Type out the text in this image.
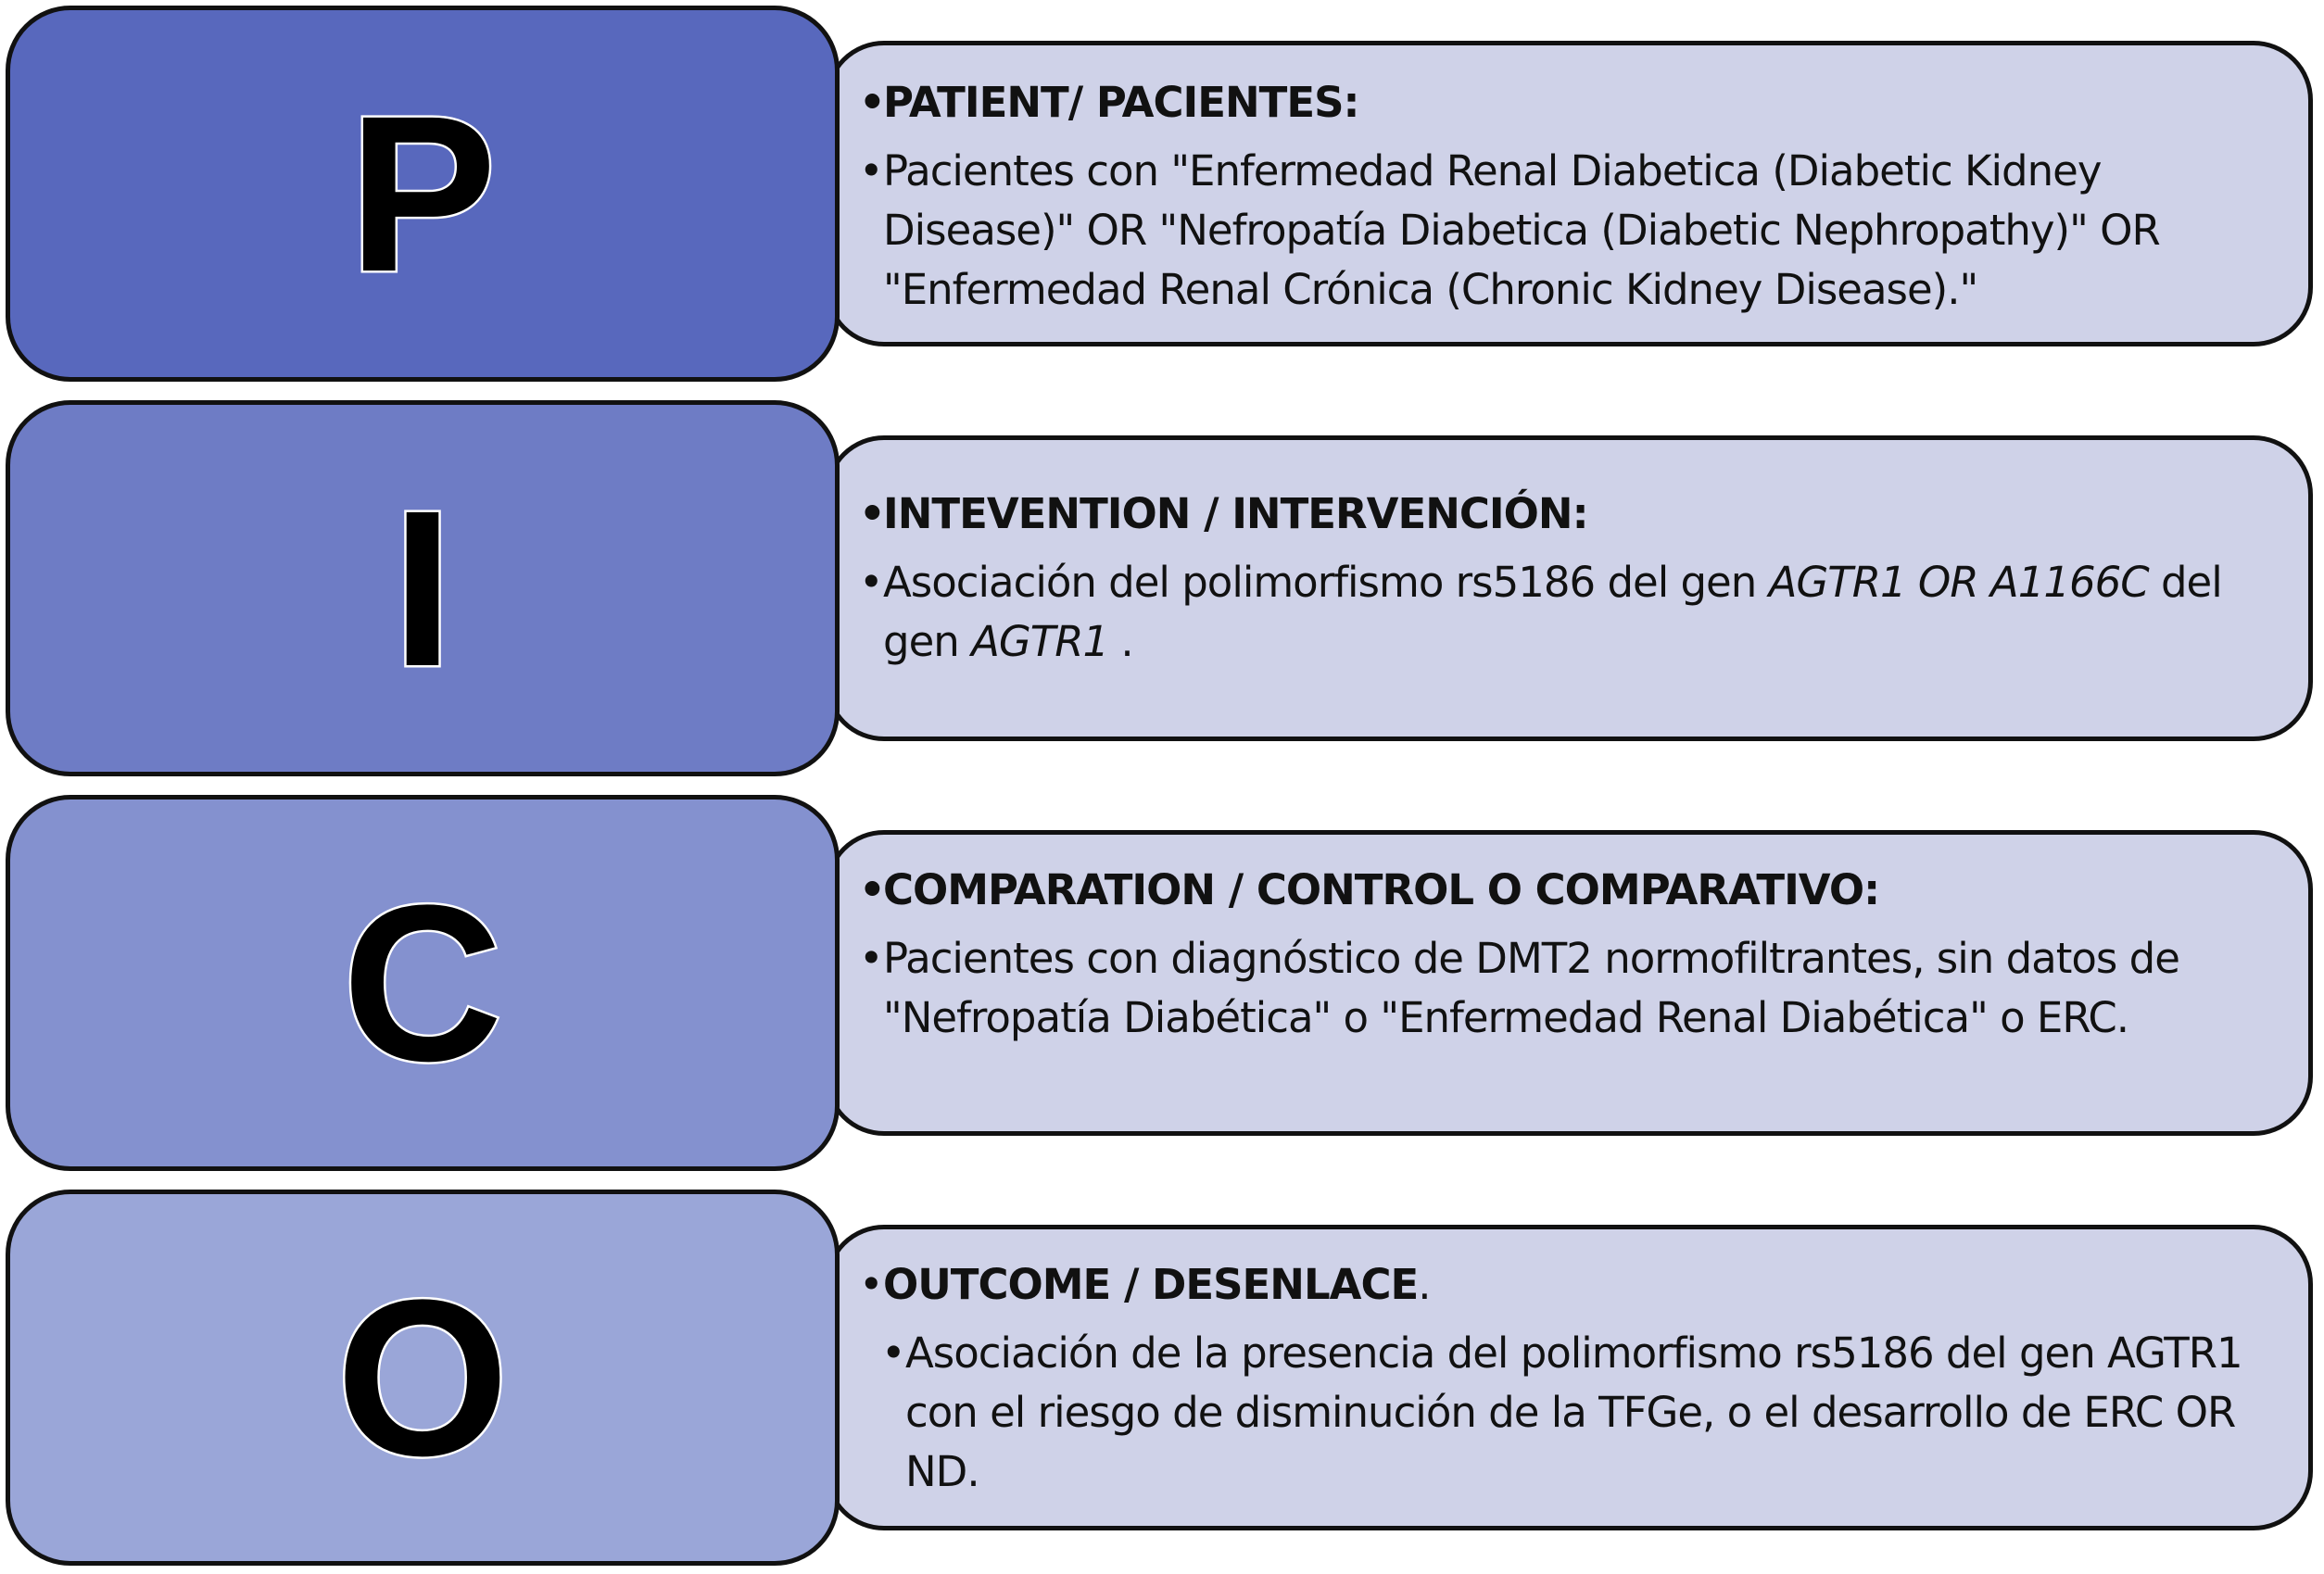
• PATIENT/ PACIENTES:
• Pacientes con "Enfermedad Renal Diabetica (Diabetic Kidney Disease)" OR "Nefropatía Diabetica (Diabetic Nephropathy)" OR "Enfermedad Renal Crónica (Chronic Kidney Disease)."
P
• INTEVENTION / INTERVENCIÓN:
• Asociación del polimorfismo rs5186 del gen AGTR1 OR A1166C del gen AGTR1 .
I
• COMPARATION / CONTROL O COMPARATIVO:
• Pacientes con diagnóstico de DMT2 normofiltrantes, sin datos de "Nefropatía Diabética" o "Enfermedad Renal Diabética" o ERC.
C
• OUTCOME / DESENLACE.
• Asociación de la presencia del polimorfismo rs5186 del gen AGTR1 con el riesgo de disminución de la TFGe, o el desarrollo de ERC OR ND.
O
